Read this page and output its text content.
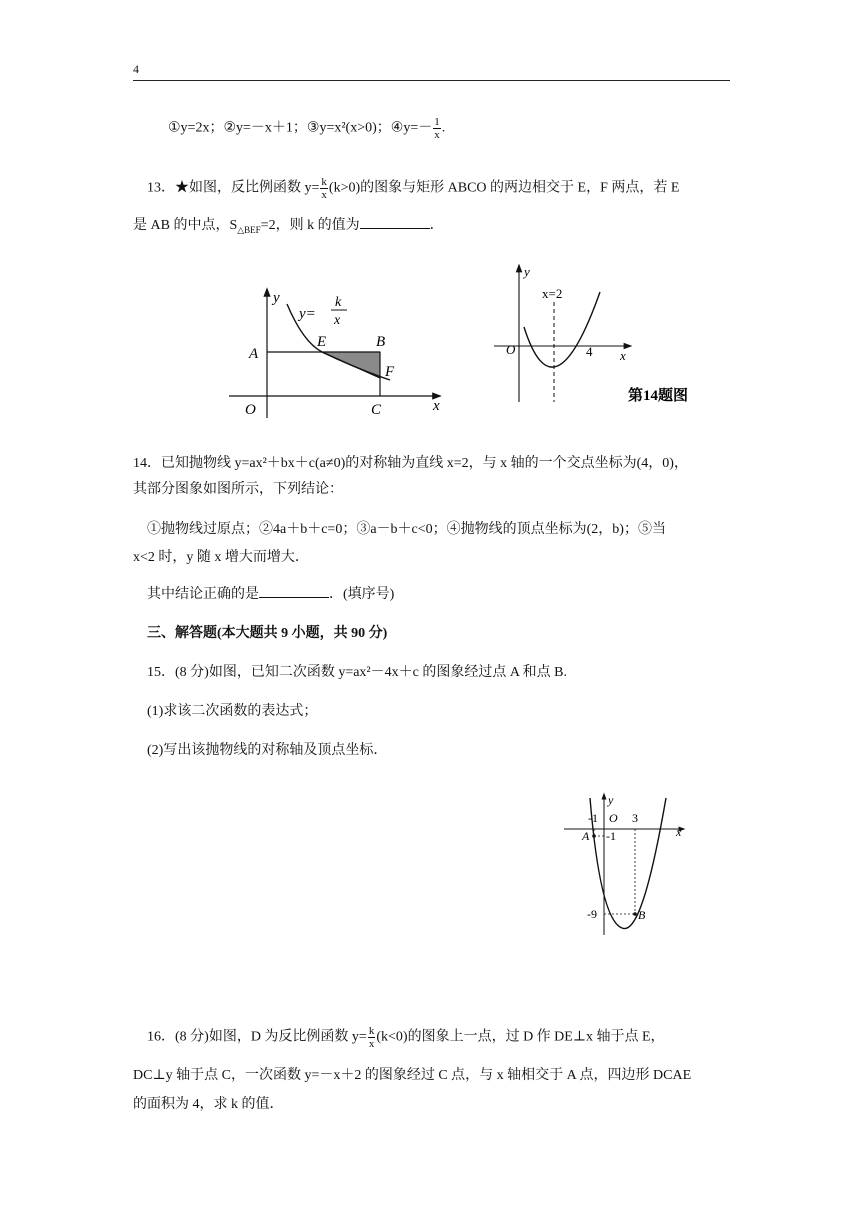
4
①y=2x；②y=－x＋1；③y=x²(x>0)；④y=－ $\frac{1}{x}$ .
13．★如图，反比例函数 $y= \frac{k}{x} (k>0)$的图象与矩形 ABCO 的两边相交于 E，F 两点，若 E
是 AB 的中点，$S_{\triangle BEF}=2$，则 k 的值为	．
y
x
y=
k
x
A
E	B
F
O	C
y
x
x=2
O	4
第14题图
14．已知抛物线 y=ax²＋bx＋c(a≠0)的对称轴为直线 x=2，与 x 轴的一个交点坐标为(4，0)，
其部分图象如图所示，下列结论：
①抛物线过原点；②4a＋b＋c=0；③a－b＋c<0；④抛物线的顶点坐标为(2，b)；⑤当
x<2 时，y 随 x 增大而增大．
其中结论正确的是	．(填序号)
三、解答题(本大题共 9 小题，共 90 分)
15．(8 分)如图，已知二次函数 y=ax²－4x＋c 的图象经过点 A 和点 B.
(1)求该二次函数的表达式；
(2)写出该抛物线的对称轴及顶点坐标．
y
x
O
-1	3
A -1
-9	B
16．(8 分)如图，D 为反比例函数 $y= \frac{k}{x} (k<0)$的图象上一点，过 D 作 DE⊥x 轴于点 E，
DC⊥y 轴于点 C，一次函数 y=－x＋2 的图象经过 C 点，与 x 轴相交于 A 点，四边形 DCAE
的面积为 4，求 k 的值．
